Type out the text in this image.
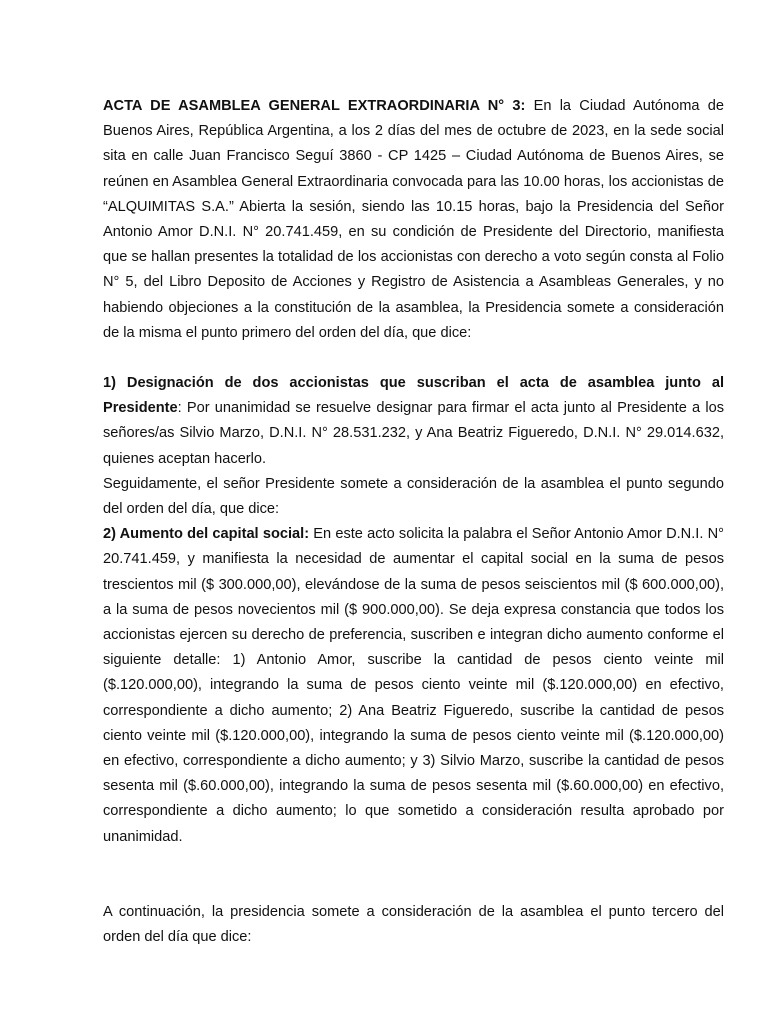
ACTA DE ASAMBLEA GENERAL EXTRAORDINARIA N° 3: En la Ciudad Autónoma de Buenos Aires, República Argentina, a los 2 días del mes de octubre de 2023, en la sede social sita en calle Juan Francisco Seguí 3860 - CP 1425 – Ciudad Autónoma de Buenos Aires, se reúnen en Asamblea General Extraordinaria convocada para las 10.00 horas, los accionistas de “ALQUIMITAS S.A.” Abierta la sesión, siendo las 10.15 horas, bajo la Presidencia del Señor Antonio Amor D.N.I. N° 20.741.459, en su condición de Presidente del Directorio, manifiesta que se hallan presentes la totalidad de los accionistas con derecho a voto según consta al Folio N° 5, del Libro Deposito de Acciones y Registro de Asistencia a Asambleas Generales, y no habiendo objeciones a la constitución de la asamblea, la Presidencia somete a consideración de la misma el punto primero del orden del día, que dice:

1) Designación de dos accionistas que suscriban el acta de asamblea junto al Presidente: Por unanimidad se resuelve designar para firmar el acta junto al Presidente a los señores/as Silvio Marzo, D.N.I. N° 28.531.232, y Ana Beatriz Figueredo, D.N.I. N° 29.014.632, quienes aceptan hacerlo.

Seguidamente, el señor Presidente somete a consideración de la asamblea el punto segundo del orden del día, que dice:

2) Aumento del capital social: En este acto solicita la palabra el Señor Antonio Amor D.N.I. N° 20.741.459, y manifiesta la necesidad de aumentar el capital social en la suma de pesos trescientos mil ($ 300.000,00), elevándose de la suma de pesos seiscientos mil ($ 600.000,00), a la suma de pesos novecientos mil ($ 900.000,00). Se deja expresa constancia que todos los accionistas ejercen su derecho de preferencia, suscriben e integran dicho aumento conforme el siguiente detalle: 1) Antonio Amor, suscribe la cantidad de pesos ciento veinte mil ($.120.000,00), integrando la suma de pesos ciento veinte mil ($.120.000,00) en efectivo, correspondiente a dicho aumento; 2) Ana Beatriz Figueredo, suscribe la cantidad de pesos ciento veinte mil ($.120.000,00), integrando la suma de pesos ciento veinte mil ($.120.000,00) en efectivo, correspondiente a dicho aumento; y 3) Silvio Marzo, suscribe la cantidad de pesos sesenta mil ($.60.000,00), integrando la suma de pesos sesenta mil ($.60.000,00) en efectivo, correspondiente a dicho aumento; lo que sometido a consideración resulta aprobado por unanimidad.

A continuación, la presidencia somete a consideración de la asamblea el punto tercero del orden del día que dice:
